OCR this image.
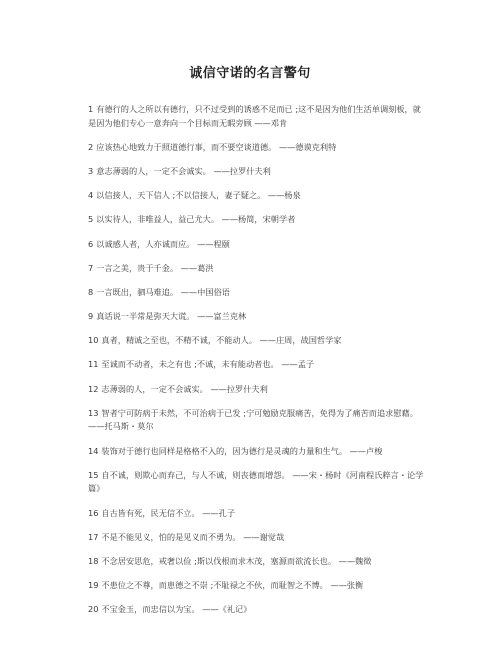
诚信守诺的名言警句
1 有德行的人之所以有德行，只不过受到的诱惑不足而已 ;这不是因为他们生活单调刻板，就是因为他们专心一意奔向一个目标而无暇旁顾 ——邓肯
2 应该热心地致力于照道德行事，而不要空谈道德。 ——德谟克利特
3 意志薄弱的人，一定不会诚实。 ——拉罗什夫利
4 以信接人，天下信人 ;不以信接人，妻子疑之。 ——杨泉
5 以实待人，非唯益人，益己尤大。 ——杨简，宋朝学者
6 以诚感人者，人亦诚而应。 ——程颐
7 一言之美，贵于千金。 ——葛洪
8 一言既出，驷马难追。 ——中国俗语
9 真话说一半常是弥天大谎。 ——富兰克林
10 真者，精诚之至也，不精不诚，不能动人。 ——庄周，战国哲学家
11 至诚而不动者，未之有也 ;不诚，未有能动者也。 ——孟子
12 志薄弱的人，一定不会诚实。 ——拉罗什夫利
13 智者宁可防病于未然，不可治病于已发 ;宁可勉励克服痛苦，免得为了痛苦而追求慰藉。 ——托马斯・莫尔
14 装饰对于德行也同样是格格不入的，因为德行是灵魂的力量和生气。 ——卢梭
15 自不诚，则欺心而弃己，与人不诚，则丧德而增怨。 ——宋・杨时《河南程氏粹言・论学篇》
16 自古皆有死，民无信不立。 ——孔子
17 不是不能见义，怕的是见义而不勇为。 ——谢觉哉
18 不念居安思危，戒奢以俭 ;斯以伐根而求木茂，塞源而欲流长也。 ——魏徵
19 不患位之不尊，而患德之不崇 ;不耻禄之不伙，而耻智之不博。 ——张衡
20 不宝金玉，而忠信以为宝。 ——《礼记》
